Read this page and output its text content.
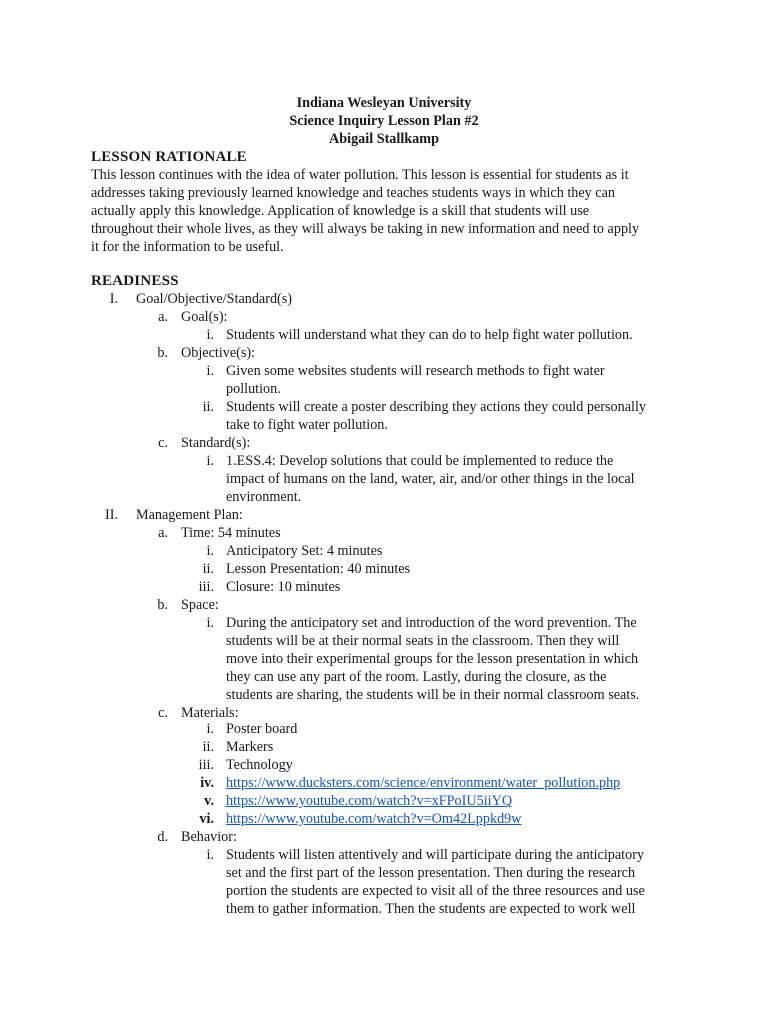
Indiana Wesleyan University
Science Inquiry Lesson Plan #2
Abigail Stallkamp
LESSON RATIONALE
This lesson continues with the idea of water pollution. This lesson is essential for students as it
addresses taking previously learned knowledge and teaches students ways in which they can
actually apply this knowledge. Application of knowledge is a skill that students will use
throughout their whole lives, as they will always be taking in new information and need to apply
it for the information to be useful.
READINESS
I. Goal/Objective/Standard(s)
a. Goal(s):
i. Students will understand what they can do to help fight water pollution.
b. Objective(s):
i. Given some websites students will research methods to fight water
pollution.
ii. Students will create a poster describing they actions they could personally
take to fight water pollution.
c. Standard(s):
i. 1.ESS.4: Develop solutions that could be implemented to reduce the
impact of humans on the land, water, air, and/or other things in the local
environment.
II. Management Plan:
a. Time: 54 minutes
i. Anticipatory Set: 4 minutes
ii. Lesson Presentation: 40 minutes
iii. Closure: 10 minutes
b. Space:
i. During the anticipatory set and introduction of the word prevention. The
students will be at their normal seats in the classroom. Then they will
move into their experimental groups for the lesson presentation in which
they can use any part of the room. Lastly, during the closure, as the
students are sharing, the students will be in their normal classroom seats.
c. Materials:
i. Poster board
ii. Markers
iii. Technology
iv. https://www.ducksters.com/science/environment/water_pollution.php
v. https://www.youtube.com/watch?v=xFPoIU5iiYQ
vi. https://www.youtube.com/watch?v=Om42Lppkd9w
d. Behavior:
i. Students will listen attentively and will participate during the anticipatory
set and the first part of the lesson presentation. Then during the research
portion the students are expected to visit all of the three resources and use
them to gather information. Then the students are expected to work well
